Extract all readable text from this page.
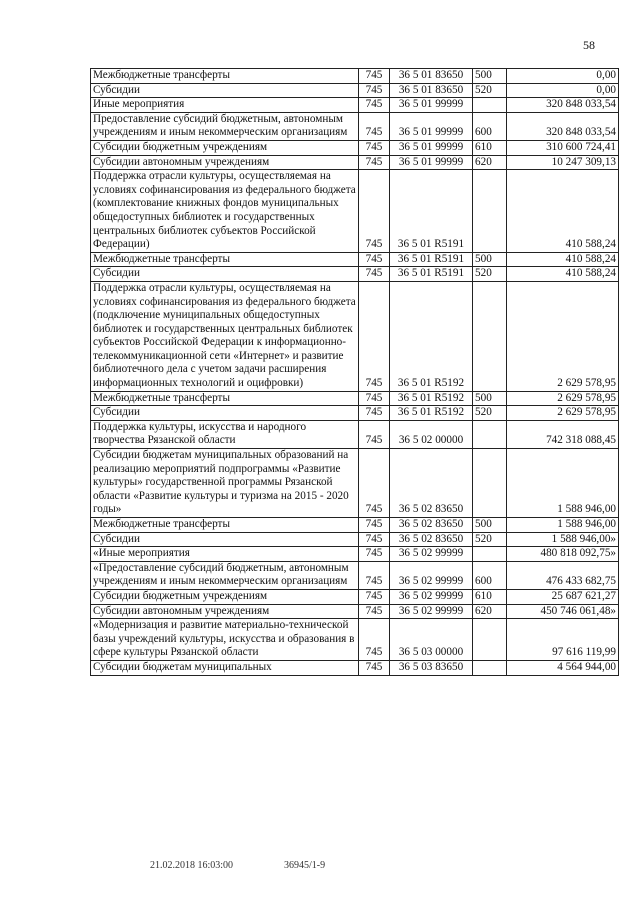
58
Межбюджетные трансферты	745	36 5 01 83650	500	0,00
Субсидии	745	36 5 01 83650	520	0,00
Иные мероприятия	745	36 5 01 99999		320 848 033,54
Предоставление субсидий бюджетным, автономным учреждениям и иным некоммерческим организациям	745	36 5 01 99999	600	320 848 033,54
Субсидии бюджетным учреждениям	745	36 5 01 99999	610	310 600 724,41
Субсидии автономным учреждениям	745	36 5 01 99999	620	10 247 309,13
Поддержка отрасли культуры, осуществляемая на условиях софинансирования из федерального бюджета (комплектование книжных фондов муниципальных общедоступных библиотек и государственных центральных библиотек субъектов Российской Федерации)	745	36 5 01 R5191		410 588,24
Межбюджетные трансферты	745	36 5 01 R5191	500	410 588,24
Субсидии	745	36 5 01 R5191	520	410 588,24
Поддержка отрасли культуры, осуществляемая на условиях софинансирования из федерального бюджета (подключение муниципальных общедоступных библиотек и государственных центральных библиотек субъектов Российской Федерации к информационно-телекоммуникационной сети «Интернет» и развитие библиотечного дела с учетом задачи расширения информационных технологий и оцифровки)	745	36 5 01 R5192		2 629 578,95
Межбюджетные трансферты	745	36 5 01 R5192	500	2 629 578,95
Субсидии	745	36 5 01 R5192	520	2 629 578,95
Поддержка культуры, искусства и народного творчества Рязанской области	745	36 5 02 00000		742 318 088,45
Субсидии бюджетам муниципальных образований на реализацию мероприятий подпрограммы «Развитие культуры» государственной программы Рязанской области «Развитие культуры и туризма на 2015 - 2020 годы»	745	36 5 02 83650		1 588 946,00
Межбюджетные трансферты	745	36 5 02 83650	500	1 588 946,00
Субсидии	745	36 5 02 83650	520	1 588 946,00»
«Иные мероприятия	745	36 5 02 99999		480 818 092,75»
«Предоставление субсидий бюджетным, автономным учреждениям и иным некоммерческим организациям	745	36 5 02 99999	600	476 433 682,75
Субсидии бюджетным учреждениям	745	36 5 02 99999	610	25 687 621,27
Субсидии автономным учреждениям	745	36 5 02 99999	620	450 746 061,48»
«Модернизация и развитие материально-технической базы учреждений культуры, искусства и образования в сфере культуры Рязанской области	745	36 5 03 00000		97 616 119,99
Субсидии бюджетам муниципальных	745	36 5 03 83650		4 564 944,00
21.02.2018 16:03:00	36945/1-9
